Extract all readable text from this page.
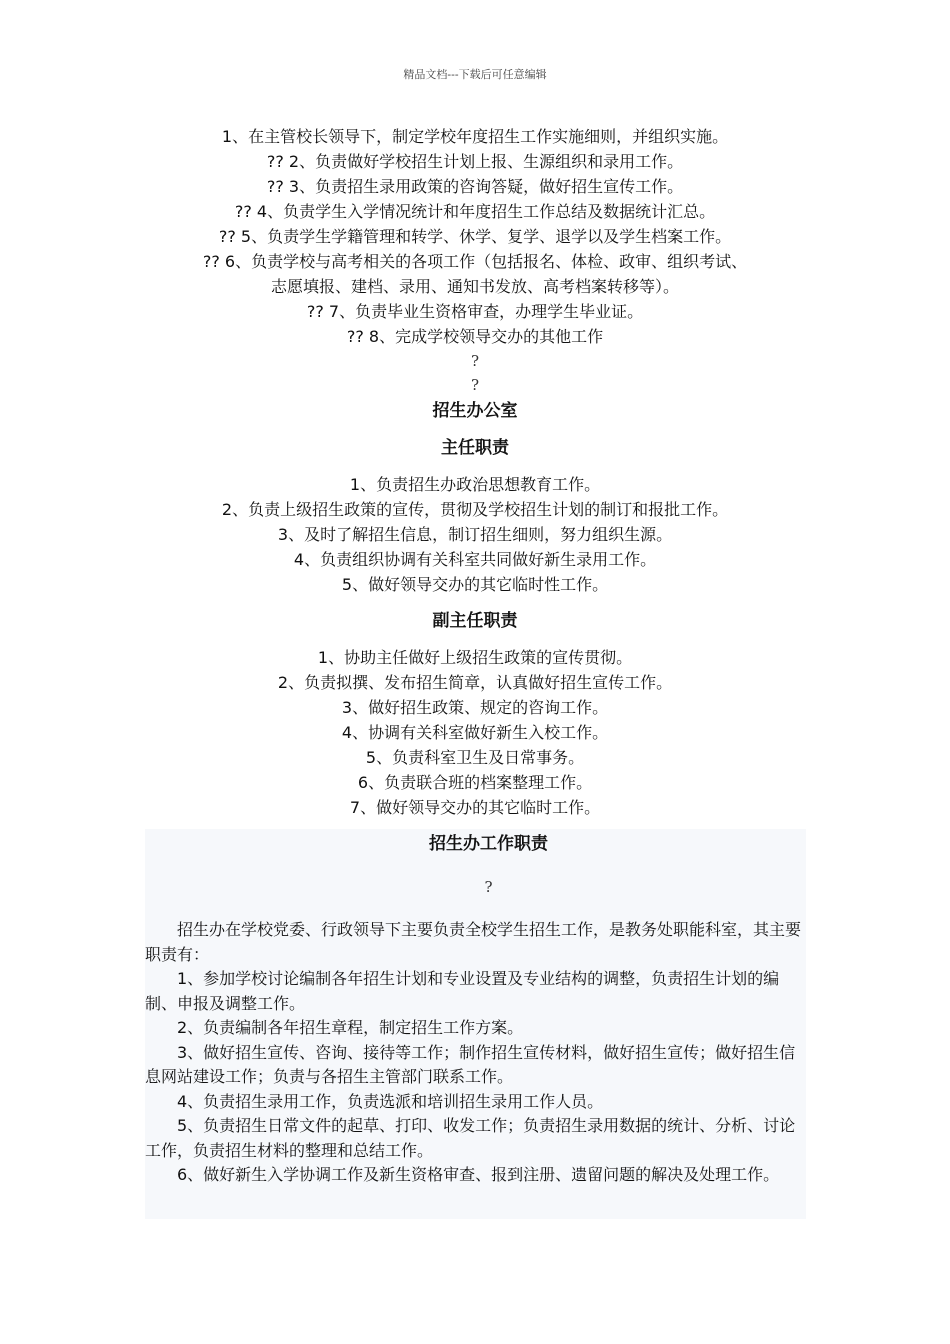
精品文档---下载后可任意编辑
1、在主管校长领导下，制定学校年度招生工作实施细则，并组织实施。
?? 2、负责做好学校招生计划上报、生源组织和录用工作。
?? 3、负责招生录用政策的咨询答疑，做好招生宣传工作。
?? 4、负责学生入学情况统计和年度招生工作总结及数据统计汇总。
?? 5、负责学生学籍管理和转学、休学、复学、退学以及学生档案工作。
?? 6、负责学校与高考相关的各项工作（包括报名、体检、政审、组织考试、
志愿填报、建档、录用、通知书发放、高考档案转移等）。
?? 7、负责毕业生资格审查，办理学生毕业证。
?? 8、完成学校领导交办的其他工作
?
?
招生办公室
主任职责
1、负责招生办政治思想教育工作。
2、负责上级招生政策的宣传，贯彻及学校招生计划的制订和报批工作。
3、及时了解招生信息，制订招生细则，努力组织生源。
4、负责组织协调有关科室共同做好新生录用工作。
5、做好领导交办的其它临时性工作。
副主任职责
1、协助主任做好上级招生政策的宣传贯彻。
2、负责拟撰、发布招生简章，认真做好招生宣传工作。
3、做好招生政策、规定的咨询工作。
4、协调有关科室做好新生入校工作。
5、负责科室卫生及日常事务。
6、负责联合班的档案整理工作。
7、做好领导交办的其它临时工作。
招生办工作职责
?

招生办在学校党委、行政领导下主要负责全校学生招生工作，是教务处职能科室，其主要职责有：

1、参加学校讨论编制各年招生计划和专业设置及专业结构的调整，负责招生计划的编制、申报及调整工作。

2、负责编制各年招生章程，制定招生工作方案。

3、做好招生宣传、咨询、接待等工作；制作招生宣传材料，做好招生宣传；做好招生信息网站建设工作；负责与各招生主管部门联系工作。

4、负责招生录用工作，负责选派和培训招生录用工作人员。

5、负责招生日常文件的起草、打印、收发工作；负责招生录用数据的统计、分析、讨论工作，负责招生材料的整理和总结工作。

6、做好新生入学协调工作及新生资格审查、报到注册、遗留问题的解决及处理工作。
